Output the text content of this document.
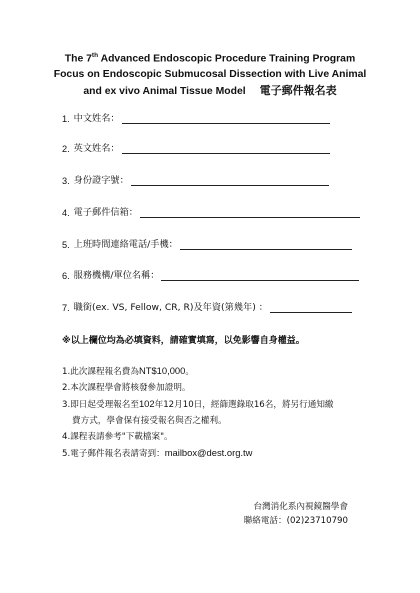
The 7th Advanced Endoscopic Procedure Training Program
Focus on Endoscopic Submucosal Dissection with Live Animal
and ex vivo Animal Tissue Model 電子郵件報名表
1. 中文姓名：
2. 英文姓名：
3. 身份證字號：
4. 電子郵件信箱：
5. 上班時間連絡電話/手機：
6. 服務機構/單位名稱：
7. 職銜(ex. VS, Fellow, CR, R)及年資(第幾年) ：
※以上欄位均為必填資料，請確實填寫，以免影響自身權益。
1.此次課程報名費為NT$10,000。
2.本次課程學會將核發參加證明。
3.即日起受理報名至102年12月10日，經篩選錄取16名，將另行通知繳
費方式，學會保有接受報名與否之權利。
4.課程表請參考"下載檔案"。
5.電子郵件報名表請寄到：mailbox@dest.org.tw
台灣消化系內視鏡醫學會
聯絡電話：(02)23710790
